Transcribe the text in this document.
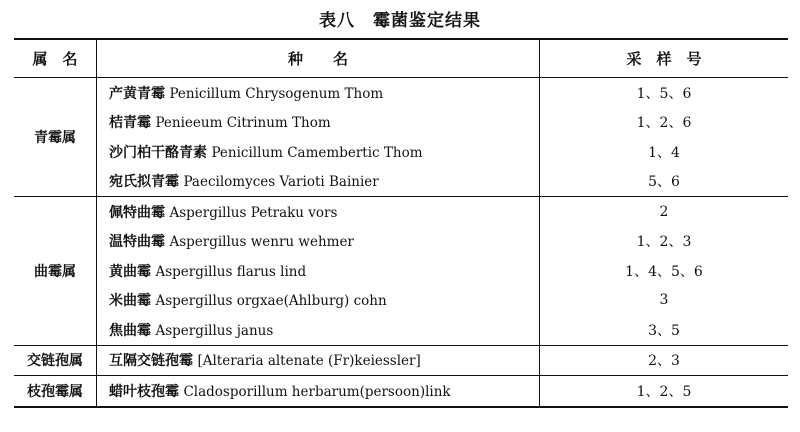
表八　霉菌鉴定结果
属　名	种　　名	采　样　号
青霉属	产黄青霉 Penicillum Chrysogenum Thom	1、5、6
	桔青霉 Penieeum Citrinum Thom	1、2、6
	沙门柏干酪青素 Penicillum Camembertic Thom	1、4
	宛氏拟青霉 Paecilomyces Varioti Bainier	5、6
曲霉属	佩特曲霉 Aspergillus Petraku vors	2
	温特曲霉 Aspergillus wenru wehmer	1、2、3
	黄曲霉 Aspergillus flarus lind	1、4、5、6
	米曲霉 Aspergillus orgxae(Ahlburg) cohn	3
	焦曲霉 Aspergillus janus	3、5
交链孢属	互隔交链孢霉 [Alteraria altenate (Fr)keiessler]	2、3
枝孢霉属	蜡叶枝孢霉 Cladosporillum herbarum(persoon)link	1、2、5
